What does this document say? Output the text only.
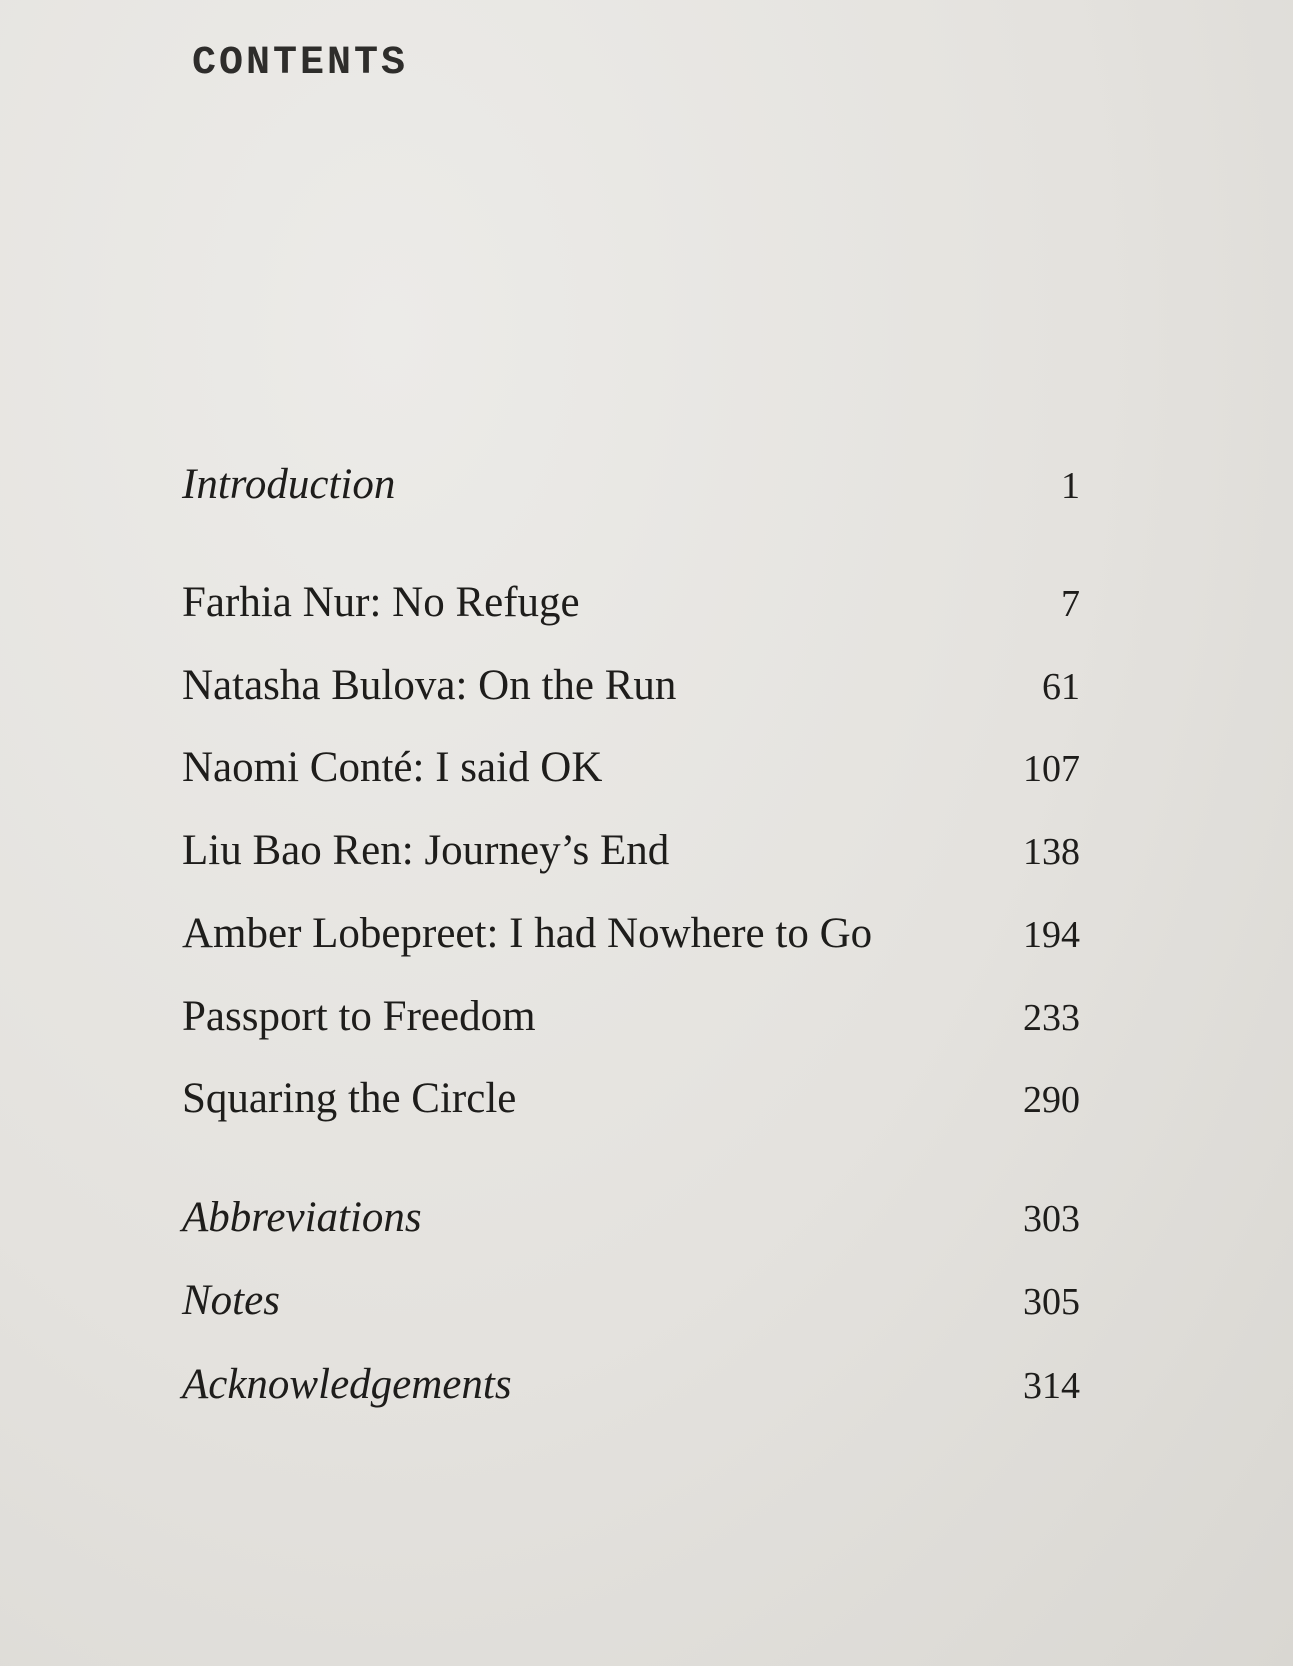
CONTENTS
Introduction	1
Farhia Nur: No Refuge	7
Natasha Bulova: On the Run	61
Naomi Conté: I said OK	107
Liu Bao Ren: Journey’s End	138
Amber Lobepreet: I had Nowhere to Go	194
Passport to Freedom	233
Squaring the Circle	290
Abbreviations	303
Notes	305
Acknowledgements	314
